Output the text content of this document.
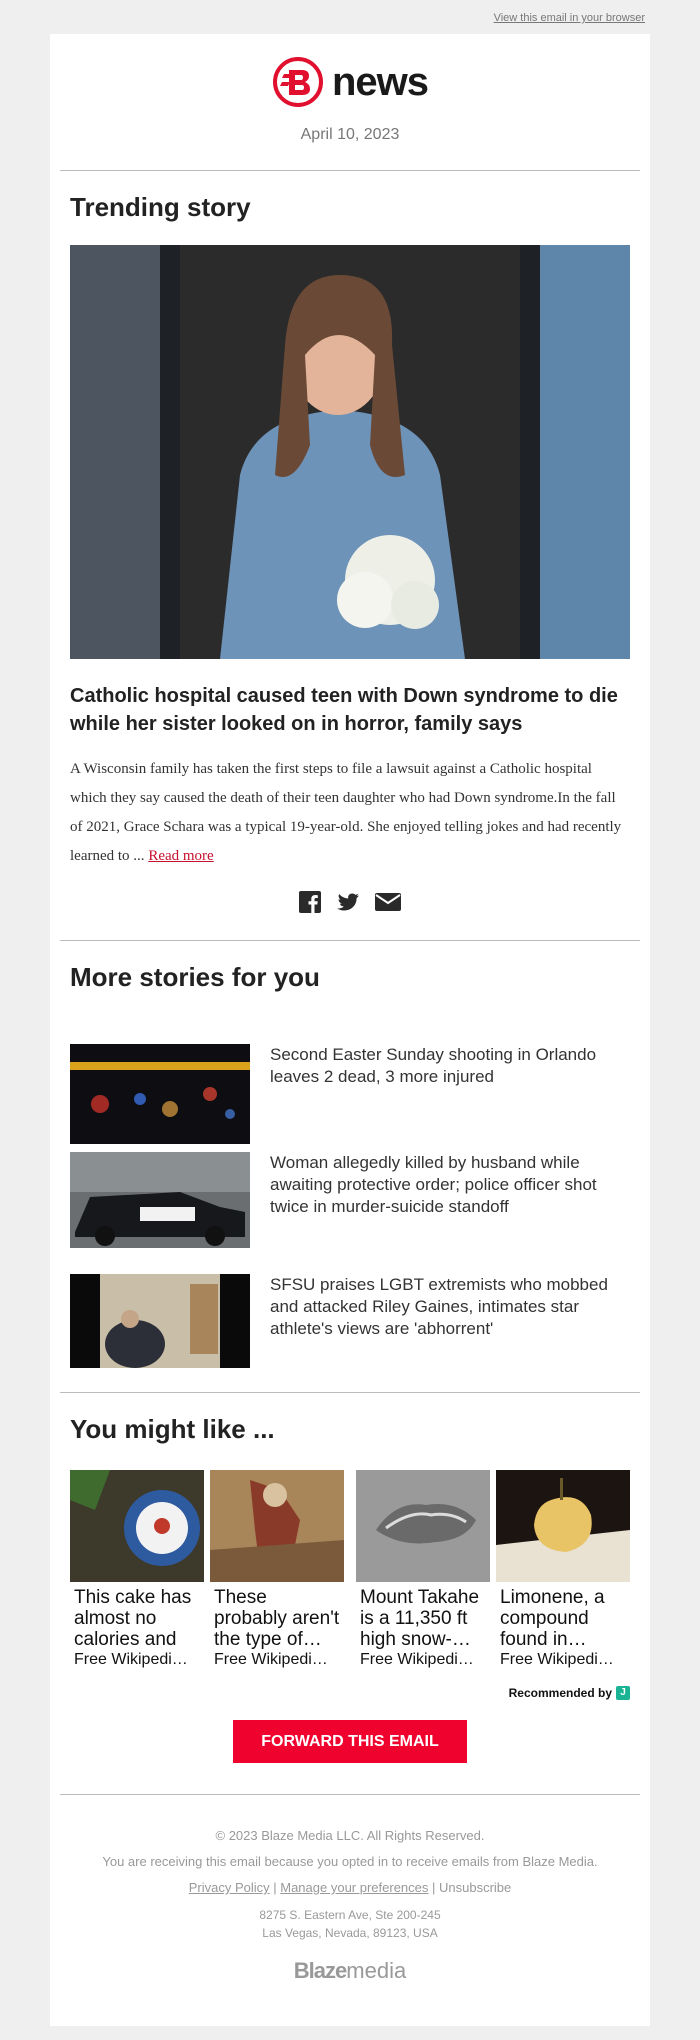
View this email in your browser
news
April 10, 2023
Trending story
Catholic hospital caused teen with Down syndrome to die while her sister looked on in horror, family says

A Wisconsin family has taken the first steps to file a lawsuit against a Catholic hospital which they say caused the death of their teen daughter who had Down syndrome.In the fall of 2021, Grace Schara was a typical 19-year-old. She enjoyed telling jokes and had recently learned to ... Read more

More stories for you
Second Easter Sunday shooting in Orlando leaves 2 dead, 3 more injured
Woman allegedly killed by husband while awaiting protective order; police officer shot twice in murder-suicide standoff
SFSU praises LGBT extremists who mobbed and attacked Riley Gaines, intimates star athlete's views are 'abhorrent'
You might like ...
This cake has almost no calories and
Free Wikipedi…
These probably aren't the type of…
Free Wikipedi…
Mount Takahe is a 11,350 ft high snow-…
Free Wikipedi…
Limonene, a compound found in…
Free Wikipedi…
Recommended by J
FORWARD THIS EMAIL
© 2023 Blaze Media LLC. All Rights Reserved.
You are receiving this email because you opted in to receive emails from Blaze Media.
Privacy Policy | Manage your preferences | Unsubscribe
8275 S. Eastern Ave, Ste 200-245
Las Vegas, Nevada, 89123, USA
Blaze media
